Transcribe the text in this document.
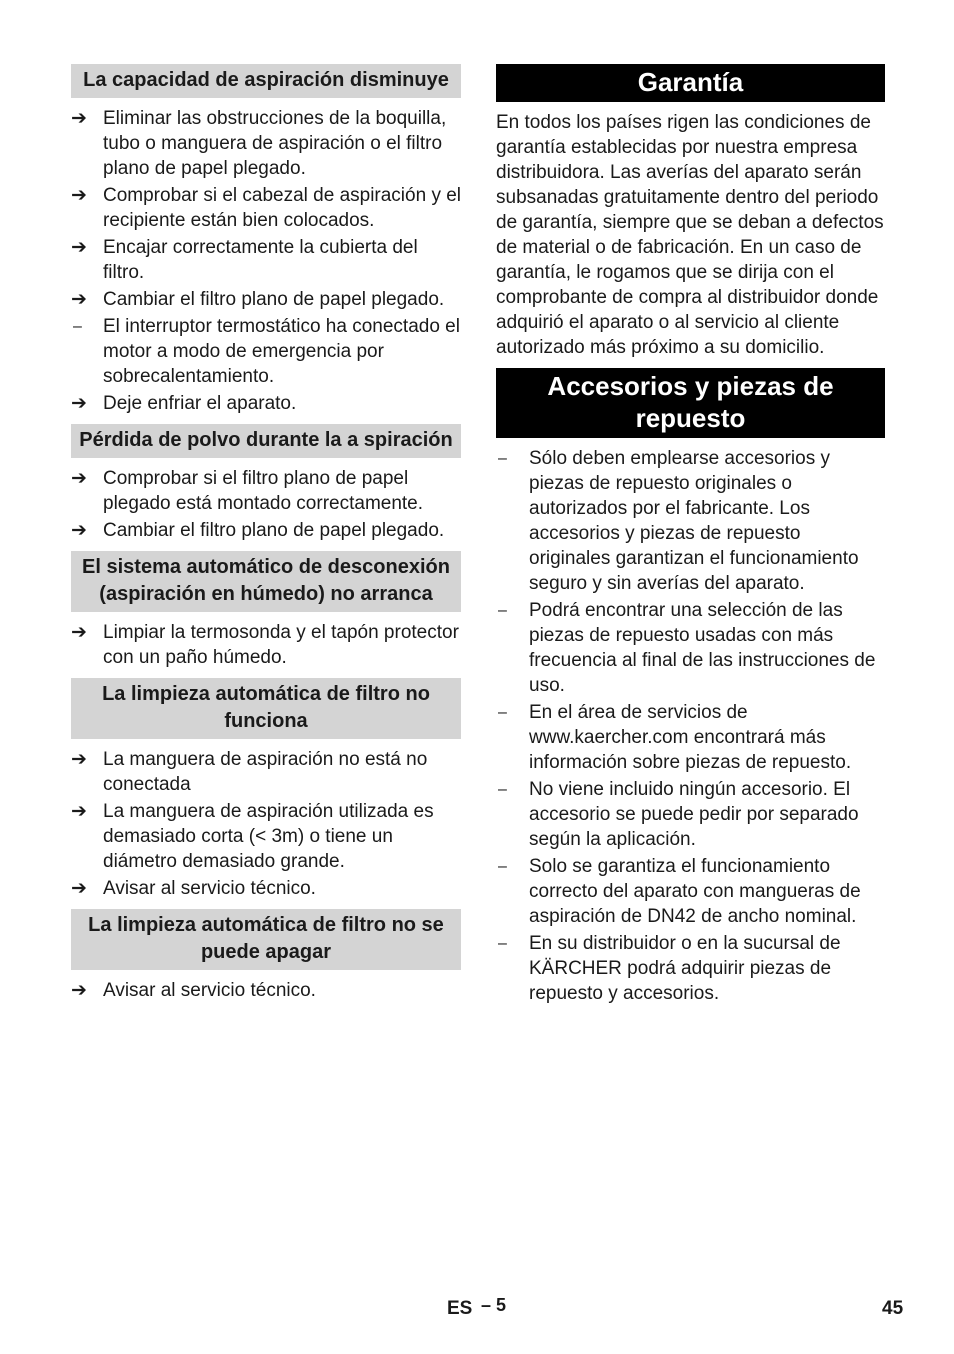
La capacidad de aspiración disminuye
➔ Eliminar las obstrucciones de la boquilla, tubo o manguera de aspiración o el filtro plano de papel plegado.
➔ Comprobar si el cabezal de aspiración y el recipiente están bien colocados.
➔ Encajar correctamente la cubierta del filtro.
➔ Cambiar el filtro plano de papel plegado.
–	El interruptor termostático ha conectado el motor a modo de emergencia por sobrecalentamiento.
➔ Deje enfriar el aparato.
Pérdida de polvo durante la a spiración
➔ Comprobar si el filtro plano de papel plegado está montado correctamente.
➔ Cambiar el filtro plano de papel plegado.
El sistema automático de desconexión (aspiración en húmedo) no arranca
➔ Limpiar la termosonda y el tapón protector con un paño húmedo.
La limpieza automática de filtro no funciona
➔ La manguera de aspiración no está no conectada
➔ La manguera de aspiración utilizada es demasiado corta (< 3m) o tiene un diámetro demasiado grande.
➔ Avisar al servicio técnico.
La limpieza automática de filtro no se puede apagar
➔ Avisar al servicio técnico.
Garantía

En todos los países rigen las condiciones de garantía establecidas por nuestra empresa distribuidora. Las averías del aparato serán subsanadas gratuitamente dentro del periodo de garantía, siempre que se deban a defectos de material o de fabricación. En un caso de garantía, le rogamos que se dirija con el comprobante de compra al distribuidor donde adquirió el aparato o al servicio al cliente autorizado más próximo a su domicilio.

Accesorios y piezas de repuesto
–	Sólo deben emplearse accesorios y piezas de repuesto originales o autorizados por el fabricante. Los accesorios y piezas de repuesto originales garantizan el funcionamiento seguro y sin averías del aparato.
–	Podrá encontrar una selección de las piezas de repuesto usadas con más frecuencia al final de las instrucciones de uso.
–	En el área de servicios de www.kaercher.com encontrará más información sobre piezas de repuesto.
–	No viene incluido ningún accesorio. El accesorio se puede pedir por separado según la aplicación.
–	Solo se garantiza el funcionamiento correcto del aparato con mangueras de aspiración de DN42 de ancho nominal.
–	En su distribuidor o en la sucursal de KÄRCHER podrá adquirir piezas de repuesto y accesorios.
ES – 5	45
